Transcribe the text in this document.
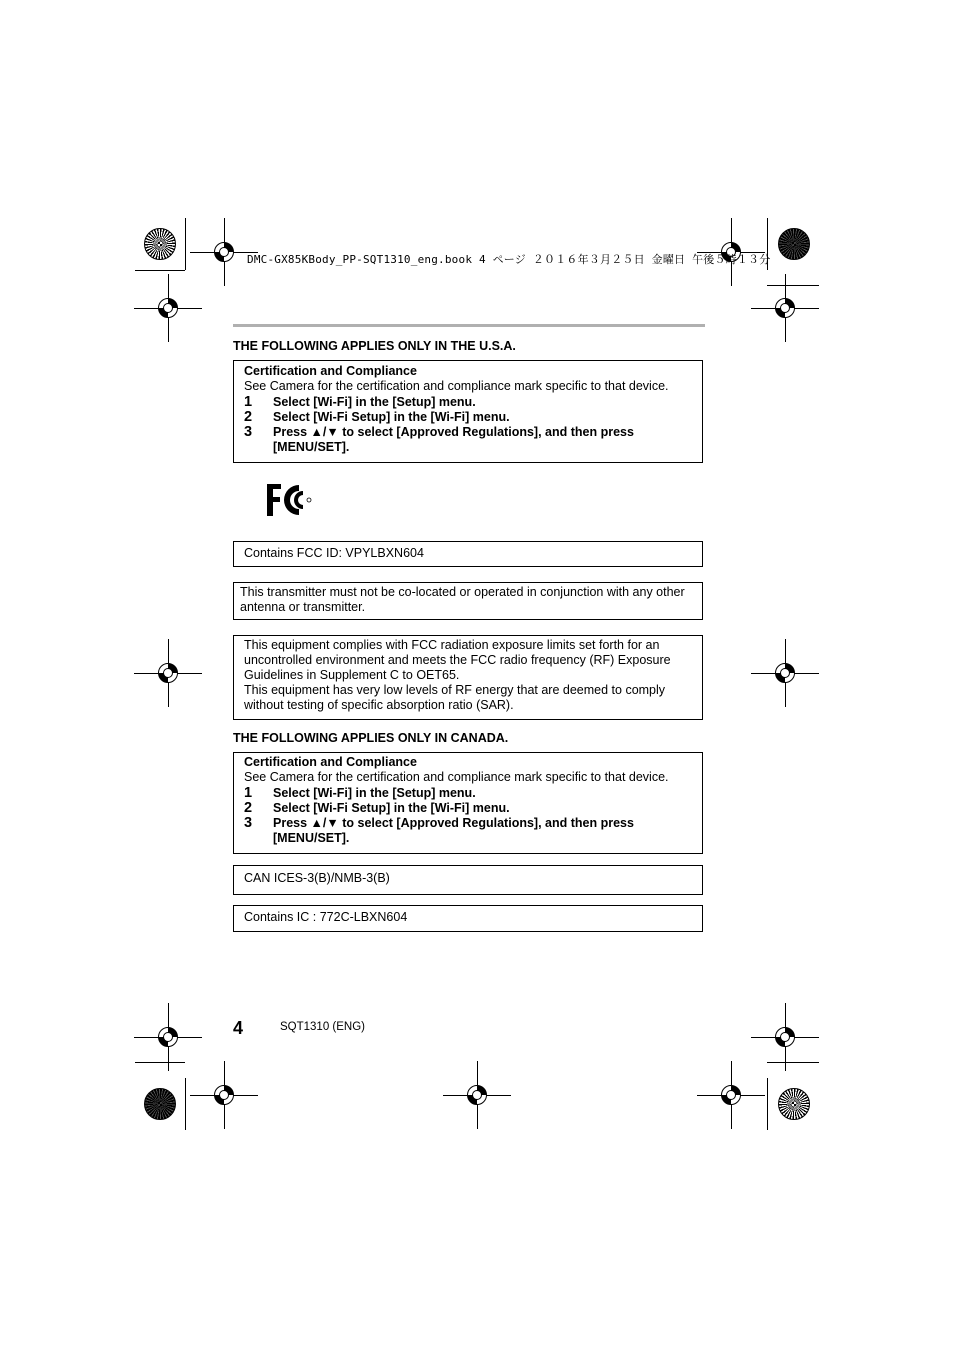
DMC-GX85KBody_PP-SQT1310_eng.book 4 ページ ２０１６年３月２５日 金曜日 午後５時１３分
THE FOLLOWING APPLIES ONLY IN THE U.S.A.
Certification and Compliance
See Camera for the certification and compliance mark specific to that device.
1	Select [Wi-Fi] in the [Setup] menu.
2	Select [Wi-Fi Setup] in the [Wi-Fi] menu.
3	Press ▲/▼ to select [Approved Regulations], and then press [MENU/SET].
Contains FCC ID: VPYLBXN604
This transmitter must not be co-located or operated in conjunction with any other antenna or transmitter.
This equipment complies with FCC radiation exposure limits set forth for an uncontrolled environment and meets the FCC radio frequency (RF) Exposure Guidelines in Supplement C to OET65.
This equipment has very low levels of RF energy that are deemed to comply without testing of specific absorption ratio (SAR).
THE FOLLOWING APPLIES ONLY IN CANADA.
Certification and Compliance
See Camera for the certification and compliance mark specific to that device.
1	Select [Wi-Fi] in the [Setup] menu.
2	Select [Wi-Fi Setup] in the [Wi-Fi] menu.
3	Press ▲/▼ to select [Approved Regulations], and then press [MENU/SET].
CAN ICES-3(B)/NMB-3(B)
Contains IC : 772C-LBXN604
4	SQT1310 (ENG)
